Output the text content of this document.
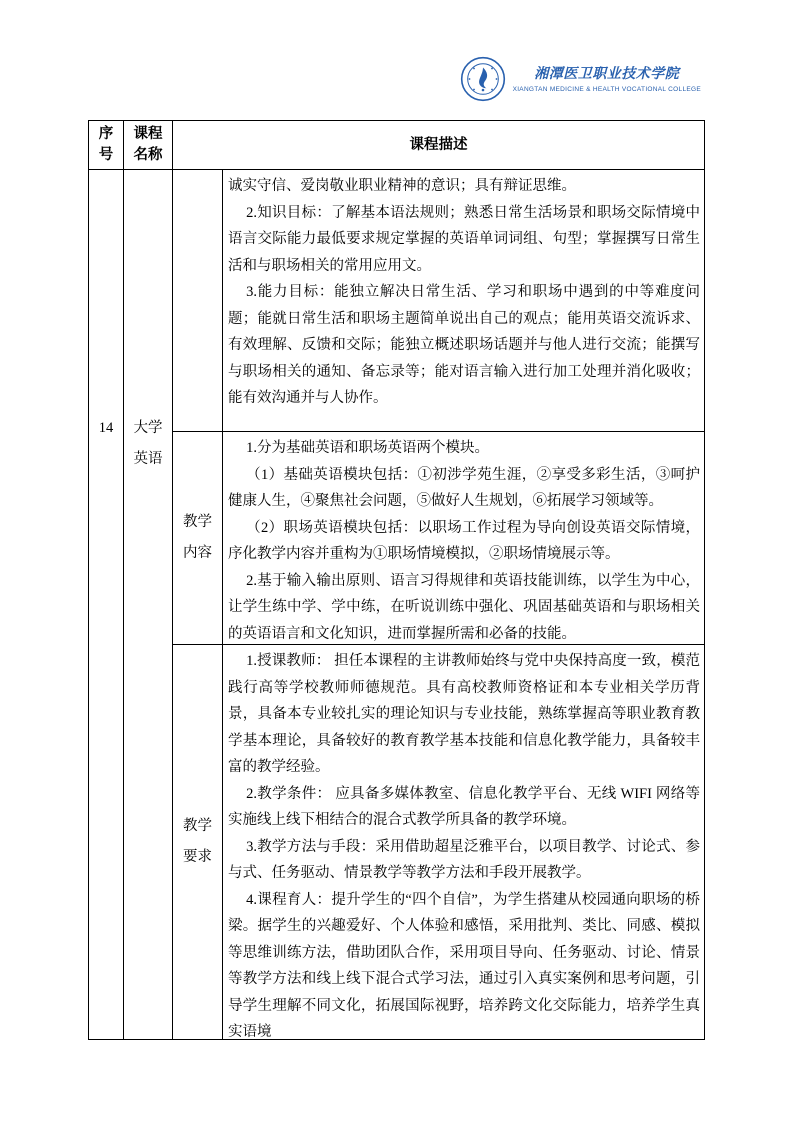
湘潭医卫职业技术学院
XIANGTAN MEDICINE & HEALTH VOCATIONAL COLLEGE
序号
课程名称
课程描述
14	大学英语

诚实守信、爱岗敬业职业精神的意识；具有辩证思维。

2.知识目标：了解基本语法规则；熟悉日常生活场景和职场交际情境中语言交际能力最低要求规定掌握的英语单词词组、句型；掌握撰写日常生活和与职场相关的常用应用文。

3.能力目标：能独立解决日常生活、学习和职场中遇到的中等难度问题；能就日常生活和职场主题简单说出自己的观点；能用英语交流诉求、有效理解、反馈和交际；能独立概述职场话题并与他人进行交流；能撰写与职场相关的通知、备忘录等；能对语言输入进行加工处理并消化吸收；能有效沟通并与人协作。

教学内容

1.分为基础英语和职场英语两个模块。

（1）基础英语模块包括：①初涉学苑生涯，②享受多彩生活，③呵护健康人生，④聚焦社会问题，⑤做好人生规划，⑥拓展学习领域等。

（2）职场英语模块包括：以职场工作过程为导向创设英语交际情境，序化教学内容并重构为①职场情境模拟，②职场情境展示等。

2.基于输入输出原则、语言习得规律和英语技能训练，以学生为中心，让学生练中学、学中练，在听说训练中强化、巩固基础英语和与职场相关的英语语言和文化知识，进而掌握所需和必备的技能。

教学要求

1.授课教师： 担任本课程的主讲教师始终与党中央保持高度一致，模范践行高等学校教师师德规范。具有高校教师资格证和本专业相关学历背景，具备本专业较扎实的理论知识与专业技能，熟练掌握高等职业教育教学基本理论，具备较好的教育教学基本技能和信息化教学能力，具备较丰富的教学经验。

2.教学条件： 应具备多媒体教室、信息化教学平台、无线 WIFI 网络等实施线上线下相结合的混合式教学所具备的教学环境。

3.教学方法与手段：采用借助超星泛雅平台，以项目教学、讨论式、参与式、任务驱动、情景教学等教学方法和手段开展教学。

4.课程育人：提升学生的“四个自信”，为学生搭建从校园通向职场的桥梁。据学生的兴趣爱好、个人体验和感悟，采用批判、类比、同感、模拟等思维训练方法，借助团队合作，采用项目导向、任务驱动、讨论、情景等教学方法和线上线下混合式学习法，通过引入真实案例和思考问题，引导学生理解不同文化，拓展国际视野，培养跨文化交际能力，培养学生真实语境
